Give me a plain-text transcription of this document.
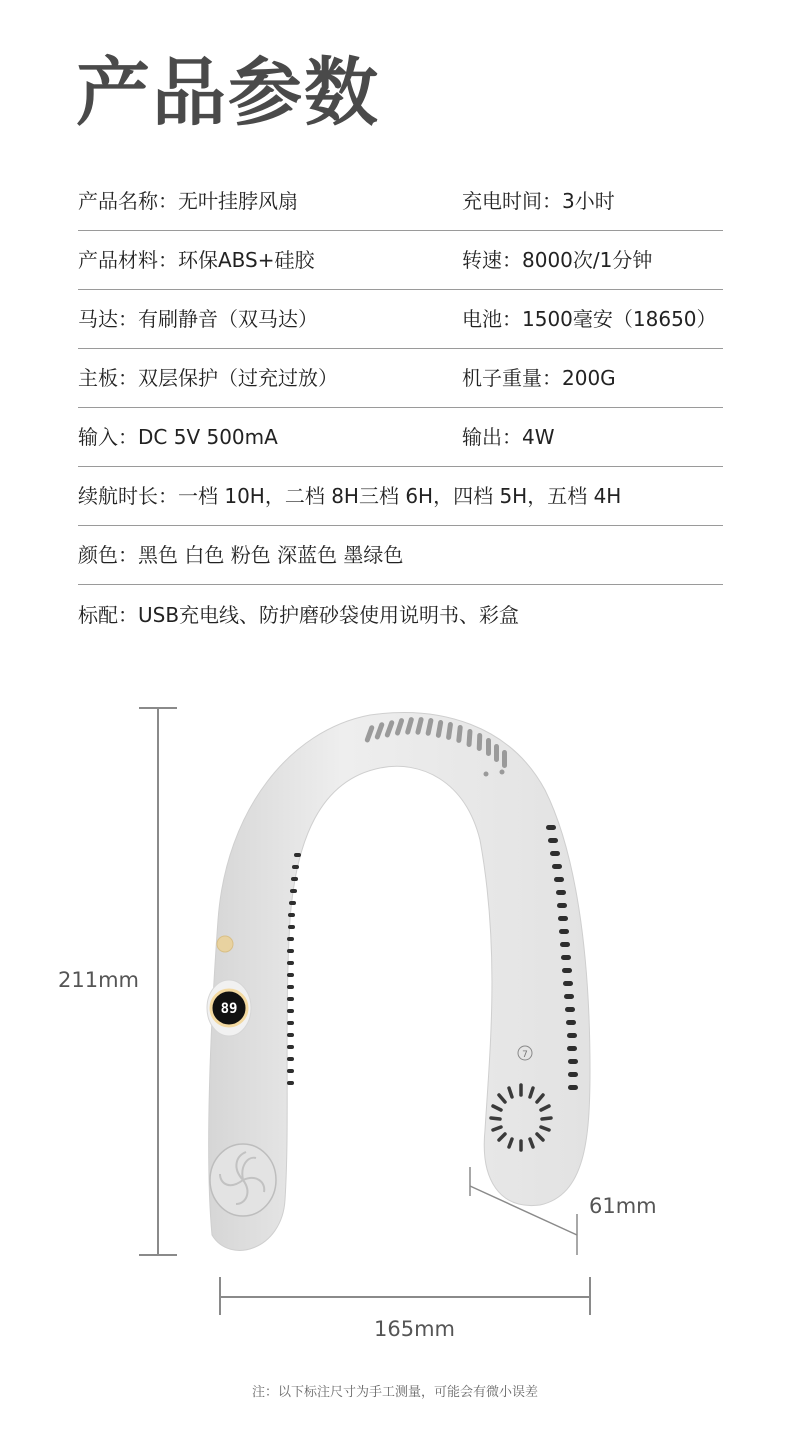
产品参数
产品名称：无叶挂脖风扇	充电时间：3小时
产品材料：环保ABS+硅胶	转速：8000次/1分钟
马达：有刷静音（双马达）	电池：1500毫安（18650）
主板：双层保护（过充过放）	机子重量：200G
输入：DC 5V 500mA	输出：4W
续航时长：一档 10H，二档 8H三档 6H，四档 5H，五档 4H
颜色：黑色 白色 粉色 深蓝色 墨绿色
标配：USB充电线、防护磨砂袋使用说明书、彩盒
211mm
165mm
61mm
7
89
注：以下标注尺寸为手工测量，可能会有微小误差
